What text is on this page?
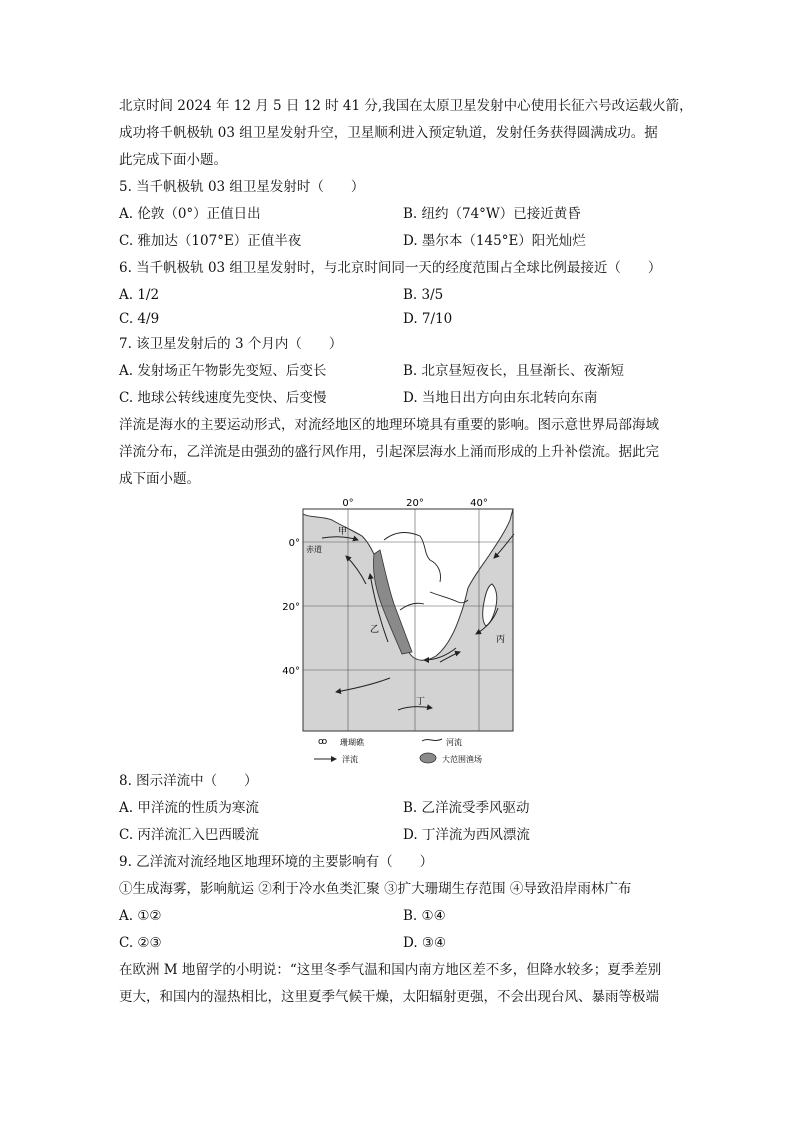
北京时间 2024 年 12 月 5 日 12 时 41 分,我国在太原卫星发射中心使用长征六号改运载火箭，
成功将千帆极轨 03 组卫星发射升空，卫星顺利进入预定轨道，发射任务获得圆满成功。据
此完成下面小题。
5. 当千帆极轨 03 组卫星发射时（　　）
A. 伦敦（0°）正值日出	B. 纽约（74°W）已接近黄昏
C. 雅加达（107°E）正值半夜	D. 墨尔本（145°E）阳光灿烂
6. 当千帆极轨 03 组卫星发射时，与北京时间同一天的经度范围占全球比例最接近（　　）
A. 1/2	B. 3/5
C. 4/9	D. 7/10
7. 该卫星发射后的 3 个月内（　　）
A. 发射场正午物影先变短、后变长	B. 北京昼短夜长，且昼渐长、夜渐短
C. 地球公转线速度先变快、后变慢	D. 当地日出方向由东北转向东南
洋流是海水的主要运动形式，对流经地区的地理环境具有重要的影响。图示意世界局部海域
洋流分布，乙洋流是由强劲的盛行风作用，引起深层海水上涌而形成的上升补偿流。据此完
成下面小题。
0°	20°	40°
0°
20°
40°
甲
赤道
乙
丙
丁
ꝏ 珊瑚礁	河流
洋流	大范围渔场
8. 图示洋流中（　　）
A. 甲洋流的性质为寒流	B. 乙洋流受季风驱动
C. 丙洋流汇入巴西暖流	D. 丁洋流为西风漂流
9. 乙洋流对流经地区地理环境的主要影响有（　　）
①生成海雾，影响航运 ②利于冷水鱼类汇聚 ③扩大珊瑚生存范围 ④导致沿岸雨林广布
A. ①②	B. ①④
C. ②③	D. ③④
在欧洲 M 地留学的小明说：“这里冬季气温和国内南方地区差不多，但降水较多；夏季差别
更大，和国内的湿热相比，这里夏季气候干燥，太阳辐射更强，不会出现台风、暴雨等极端
